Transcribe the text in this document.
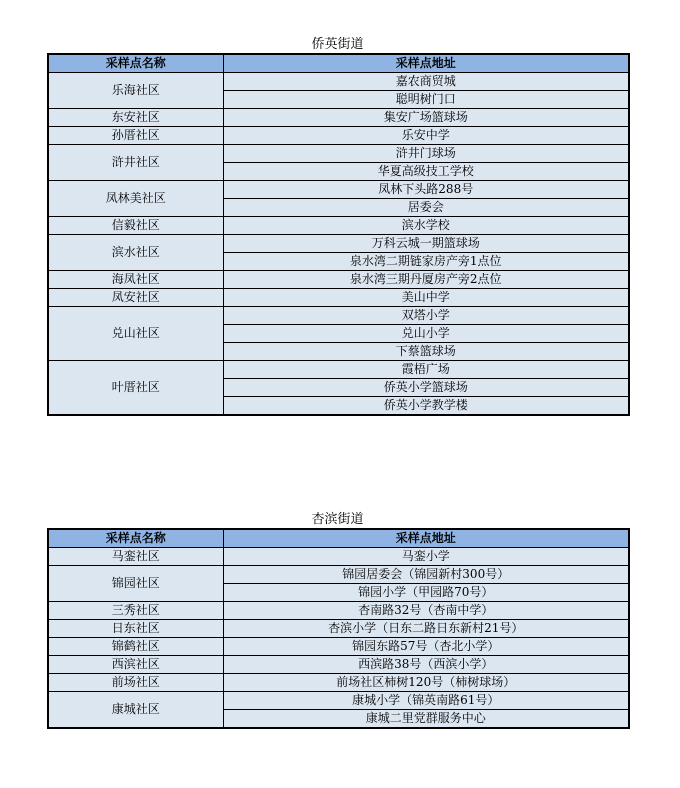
侨英街道
采样点名称	采样点地址
乐海社区	嘉农商贸城
	聪明树门口
东安社区	集安广场篮球场
孙厝社区	乐安中学
浒井社区	浒井门球场
	华夏高级技工学校
凤林美社区	凤林下头路288号
	居委会
信毅社区	滨水学校
滨水社区	万科云城一期篮球场
	泉水湾二期链家房产旁1点位
海凤社区	泉水湾三期丹厦房产旁2点位
凤安社区	美山中学
兑山社区	双塔小学
	兑山小学
	下蔡篮球场
叶厝社区	霞梧广场
	侨英小学篮球场
	侨英小学教学楼
杏滨街道
采样点名称	采样点地址
马銮社区	马銮小学
锦园社区	锦园居委会（锦园新村300号）
	锦园小学（甲园路70号）
三秀社区	杏南路32号（杏南中学）
日东社区	杏滨小学（日东二路日东新村21号）
锦鹤社区	锦园东路57号（杏北小学）
西滨社区	西滨路38号（西滨小学）
前场社区	前场社区柿树120号（柿树球场）
康城社区	康城小学（锦英南路61号）
	康城二里党群服务中心
